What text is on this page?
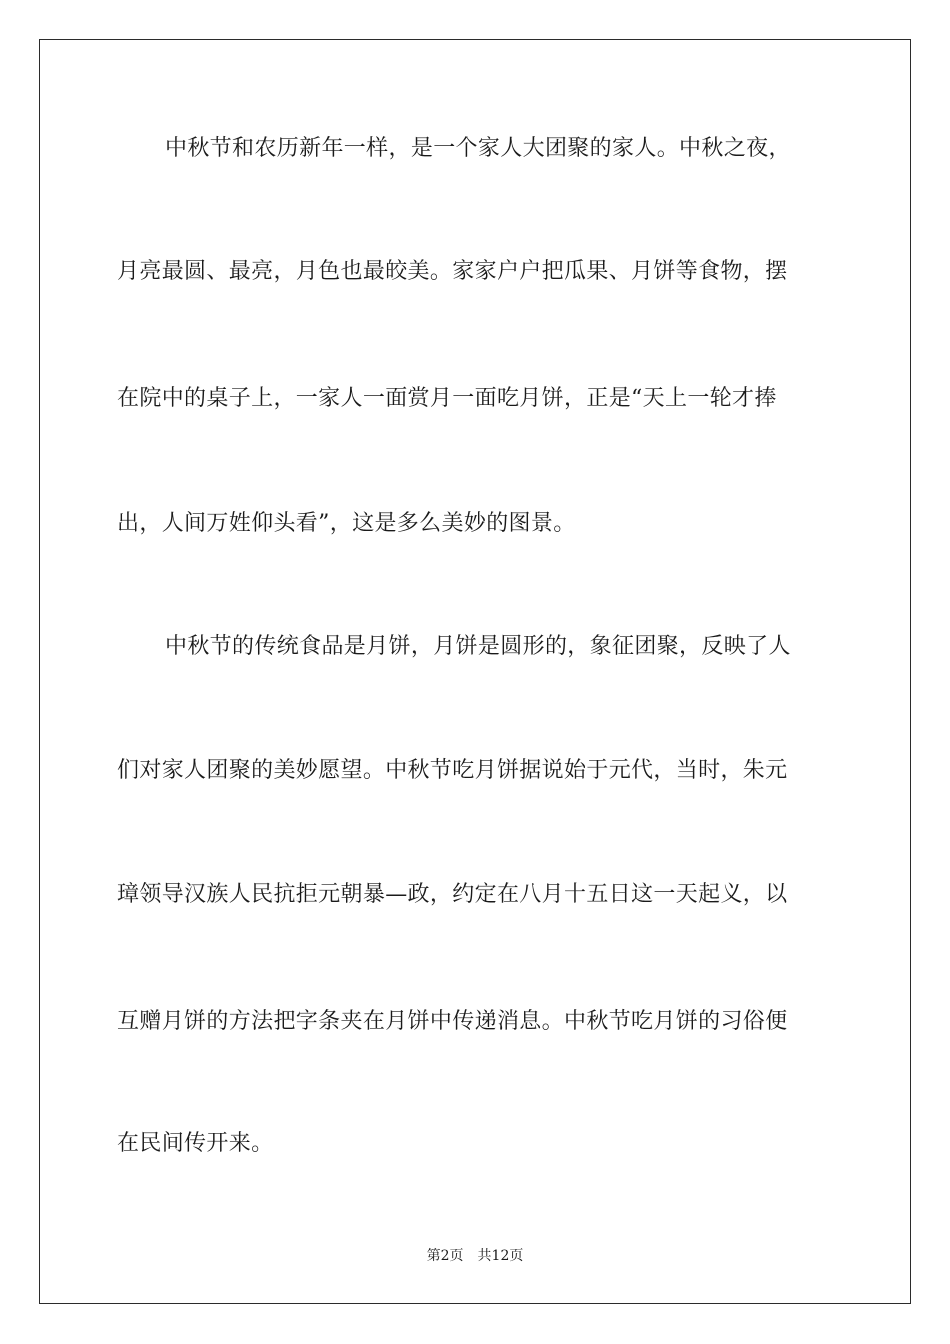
中秋节和农历新年一样，是一个家人大团聚的家人。中秋之夜，
月亮最圆、最亮，月色也最皎美。家家户户把瓜果、月饼等食物，摆
在院中的桌子上，一家人一面赏月一面吃月饼，正是“天上一轮才捧
出，人间万姓仰头看”，这是多么美妙的图景。
中秋节的传统食品是月饼，月饼是圆形的，象征团聚，反映了人
们对家人团聚的美妙愿望。中秋节吃月饼据说始于元代，当时，朱元
璋领导汉族人民抗拒元朝暴—政，约定在八月十五日这一天起义，以
互赠月饼的方法把字条夹在月饼中传递消息。中秋节吃月饼的习俗便
在民间传开来。
第2页 共12页
